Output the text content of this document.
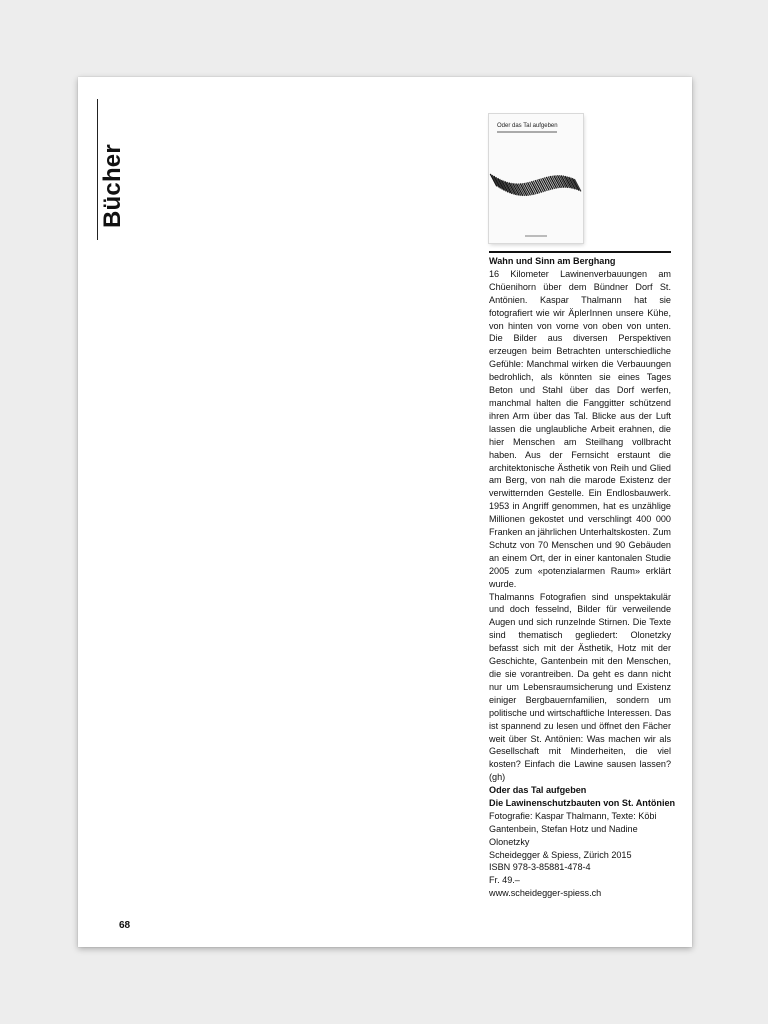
Bücher
Oder das Tal aufgeben
Wahn und Sinn am Berghang

16 Kilometer Lawinenverbauungen am Chüenihorn über dem Bündner Dorf St. Antönien. Kaspar Thalmann hat sie fotografiert wie wir ÄplerInnen unsere Kühe, von hinten von vorne von oben von unten. Die Bilder aus diversen Perspektiven erzeugen beim Betrachten unterschiedliche Gefühle: Manchmal wirken die Verbauungen bedrohlich, als könnten sie eines Tages Beton und Stahl über das Dorf werfen, manchmal halten die Fanggitter schützend ihren Arm über das Tal. Blicke aus der Luft lassen die unglaubliche Arbeit erahnen, die hier Menschen am Steilhang vollbracht haben. Aus der Fernsicht erstaunt die architektonische Ästhetik von Reih und Glied am Berg, von nah die marode Existenz der verwitternden Gestelle. Ein Endlosbauwerk. 1953 in Angriff genommen, hat es unzählige Millionen gekostet und verschlingt 400 000 Franken an jährlichen Unterhaltskosten. Zum Schutz von 70 Menschen und 90 Gebäuden an einem Ort, der in einer kantonalen Studie 2005 zum «potenzialarmen Raum» erklärt wurde.

Thalmanns Fotografien sind unspektakulär und doch fesselnd, Bilder für verweilende Augen und sich runzelnde Stirnen. Die Texte sind thematisch gegliedert: Olonetzky befasst sich mit der Ästhetik, Hotz mit der Geschichte, Gantenbein mit den Menschen, die sie vorantreiben. Da geht es dann nicht nur um Lebensraumsicherung und Existenz einiger Bergbauernfamilien, sondern um politische und wirtschaftliche Interessen. Das ist spannend zu lesen und öffnet den Fächer weit über St. Antönien: Was machen wir als Gesellschaft mit Minderheiten, die viel kosten? Einfach die Lawine sausen lassen? (gh)

Oder das Tal aufgeben
Die Lawinenschutzbauten von St. Antönien
Fotografie: Kaspar Thalmann, Texte: Köbi
Gantenbein, Stefan Hotz und Nadine
Olonetzky
Scheidegger & Spiess, Zürich 2015
ISBN 978-3-85881-478-4
Fr. 49.–
www.scheidegger-spiess.ch
68
